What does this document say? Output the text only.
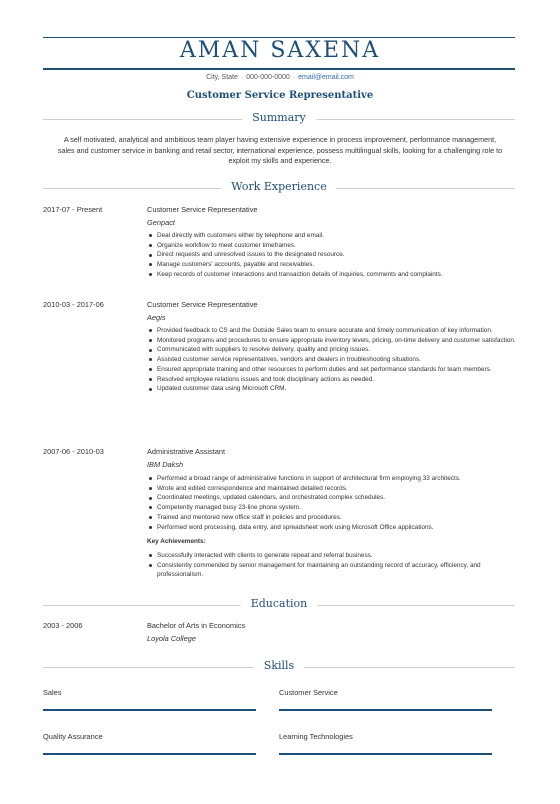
AMAN SAXENA
City, State · 000-000-0000 · email@email.com
Customer Service Representative
Summary
A self motivated, analytical and ambitious team player having extensive experience in process improvement, performance management, sales and customer service in banking and retail sector, international experience, possess multilingual skills, looking for a challenging role to exploit my skills and experience.
Work Experience
2017-07 - Present	Customer Service Representative
Genpact
Deal directly with customers either by telephone and email.
Organize workflow to meet customer timeframes.
Direct requests and unresolved issues to the designated resource.
Manage customers' accounts, payable and receivables.
Keep records of customer interactions and transaction details of inquiries, comments and complaints.
2010-03 - 2017-06	Customer Service Representative
Aegis
Provided feedback to CS and the Outside Sales team to ensure accurate and timely communication of key information.
Monitored programs and procedures to ensure appropriate inventory levels, pricing, on-time delivery and customer satisfaction.
Communicated with suppliers to resolve delivery, quality and pricing issues.
Assisted customer service representatives, vendors and dealers in troubleshooting situations.
Ensured appropriate training and other resources to perform duties and set performance standards for team members.
Resolved employee relations issues and took disciplinary actions as needed.
Updated customer data using Microsoft CRM.
2007-06 - 2010-03	Administrative Assistant
IBM Daksh
Performed a broad range of administrative functions in support of architectural firm employing 33 architects.
Wrote and edited correspondence and maintained detailed records.
Coordinated meetings, updated calendars, and orchestrated complex schedules.
Competently managed busy 23-line phone system.
Trained and mentored new office staff in policies and procedures.
Performed word processing, data entry, and spreadsheet work using Microsoft Office applications.
Key Achievements:
Successfully interacted with clients to generate repeat and referral business.
Consistently commended by senior management for maintaining an outstanding record of accuracy, efficiency, and professionalism.
Education
2003 - 2006	Bachelor of Arts in Economics
Loyola College
Skills
Sales	Customer Service
Quality Assurance	Learning Technologies
